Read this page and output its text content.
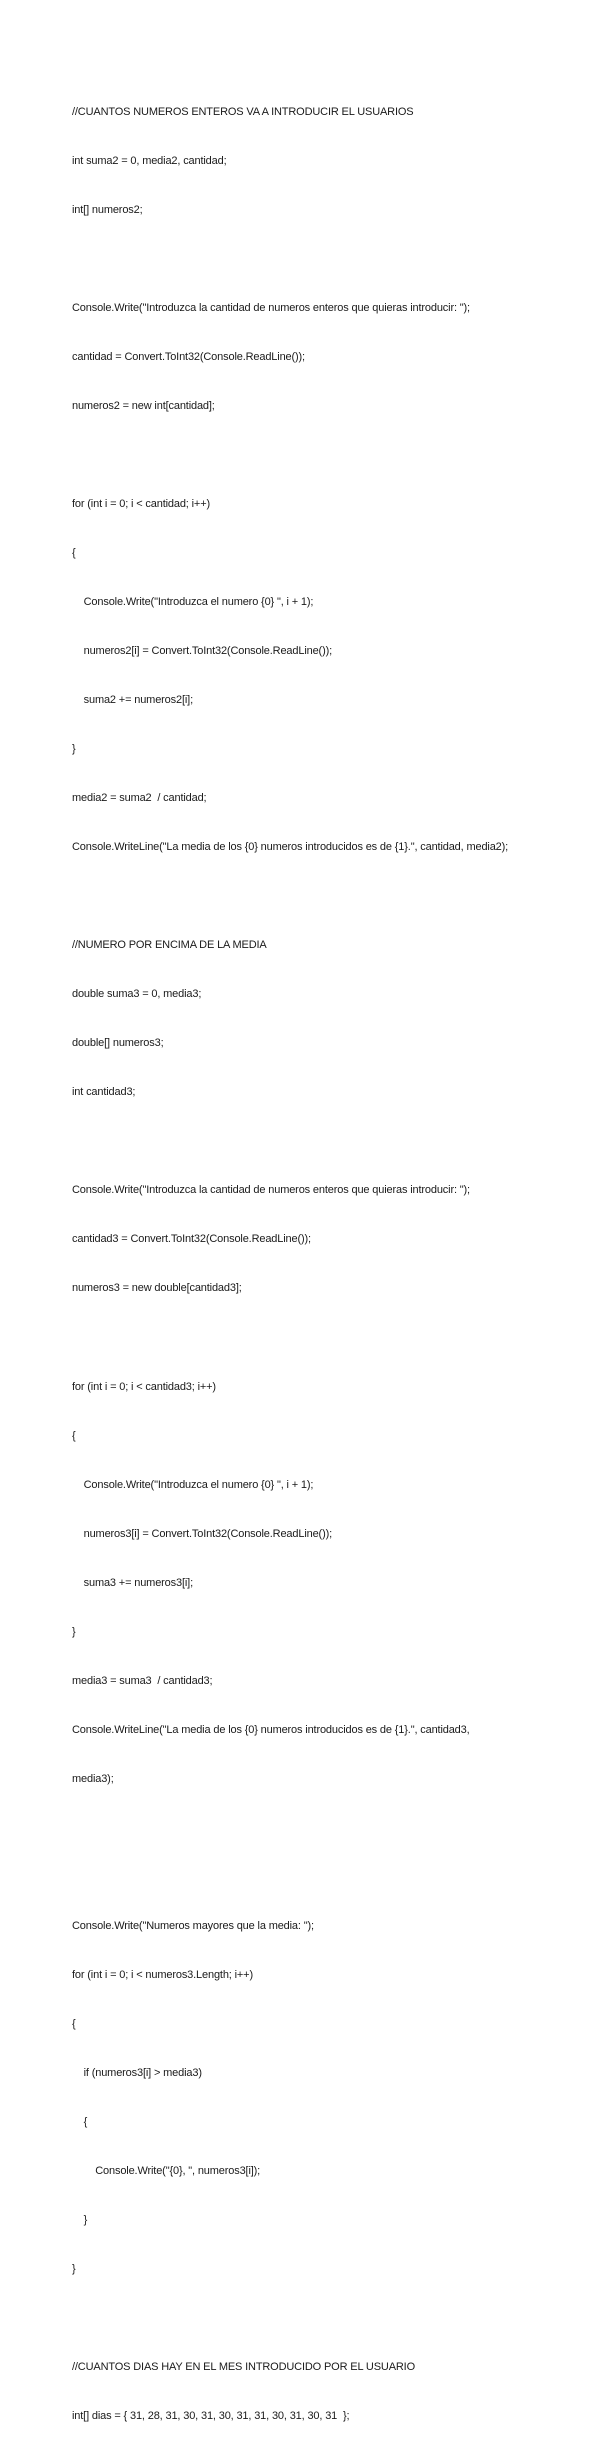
//CUANTOS NUMEROS ENTEROS VA A INTRODUCIR EL USUARIOS

int suma2 = 0, media2, cantidad;

int[] numeros2;

Console.Write("Introduzca la cantidad de numeros enteros que quieras introducir: ");

cantidad = Convert.ToInt32(Console.ReadLine());

numeros2 = new int[cantidad];

for (int i = 0; i < cantidad; i++)

{

Console.Write("Introduzca el numero {0} ", i + 1);

numeros2[i] = Convert.ToInt32(Console.ReadLine());

suma2 += numeros2[i];

}

media2 = suma2  / cantidad;

Console.WriteLine("La media de los {0} numeros introducidos es de {1}.", cantidad, media2);

//NUMERO POR ENCIMA DE LA MEDIA

double suma3 = 0, media3;

double[] numeros3;

int cantidad3;

Console.Write("Introduzca la cantidad de numeros enteros que quieras introducir: ");

cantidad3 = Convert.ToInt32(Console.ReadLine());

numeros3 = new double[cantidad3];

for (int i = 0; i < cantidad3; i++)

{

Console.Write("Introduzca el numero {0} ", i + 1);

numeros3[i] = Convert.ToInt32(Console.ReadLine());

suma3 += numeros3[i];

}

media3 = suma3  / cantidad3;

Console.WriteLine("La media de los {0} numeros introducidos es de {1}.", cantidad3,

media3);

Console.Write("Numeros mayores que la media: ");

for (int i = 0; i < numeros3.Length; i++)

{

if (numeros3[i] > media3)

{

Console.Write("{0}, ", numeros3[i]);

}

}

//CUANTOS DIAS HAY EN EL MES INTRODUCIDO POR EL USUARIO

int[] dias = { 31, 28, 31, 30, 31, 30, 31, 31, 30, 31, 30, 31  };
